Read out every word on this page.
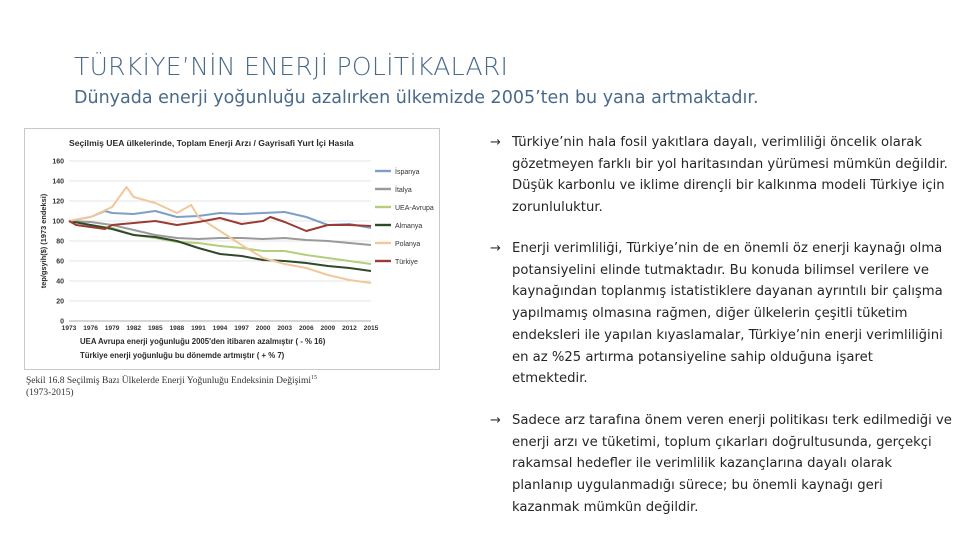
TÜRKİYE’NİN ENERJİ POLİTİKALARI
Dünyada enerji yoğunluğu azalırken ülkemizde 2005’ten bu yana artmaktadır.
Seçilmiş UEA ülkelerinde, Toplam Enerji Arzı / Gayrisafi Yurt İçi Hasıla
tep/gsyih($) (1973 endeksi)
0
20
40
60
80
100
120
140
160
1973 1976 1979 1982 1985 1988 1991 1994 1997 2000 2003 2006 2009 2012 2015
İspanya
İtalya
UEA-Avrupa
Almanya
Polanya
Türkiye
UEA Avrupa enerji yoğunluğu 2005'den itibaren azalmıştır ( - % 16)
Türkiye enerji yoğunluğu bu dönemde artmıştır ( + % 7)
Şekil 16.8 Seçilmiş Bazı Ülkelerde Enerji Yoğunluğu Endeksinin Değişimi$^{15}$
(1973-2015)
→ Türkiye’nin hala fosil yakıtlara dayalı, verimliliği öncelik olarak gözetmeyen farklı bir yol haritasından yürümesi mümkün değildir. Düşük karbonlu ve iklime dirençli bir kalkınma modeli Türkiye için zorunluluktur.
→ Enerji verimliliği, Türkiye’nin de en önemli öz enerji kaynağı olma potansiyelini elinde tutmaktadır. Bu konuda bilimsel verilere ve kaynağından toplanmış istatistiklere dayanan ayrıntılı bir çalışma yapılmamış olmasına rağmen, diğer ülkelerin çeşitli tüketim endeksleri ile yapılan kıyaslamalar, Türkiye’nin enerji verimliliğini en az %25 artırma potansiyeline sahip olduğuna işaret etmektedir.
→ Sadece arz tarafına önem veren enerji politikası terk edilmediği ve enerji arzı ve tüketimi, toplum çıkarları doğrultusunda, gerçekçi rakamsal hedefler ile verimlilik kazançlarına dayalı olarak planlanıp uygulanmadığı sürece; bu önemli kaynağı geri kazanmak mümkün değildir.
